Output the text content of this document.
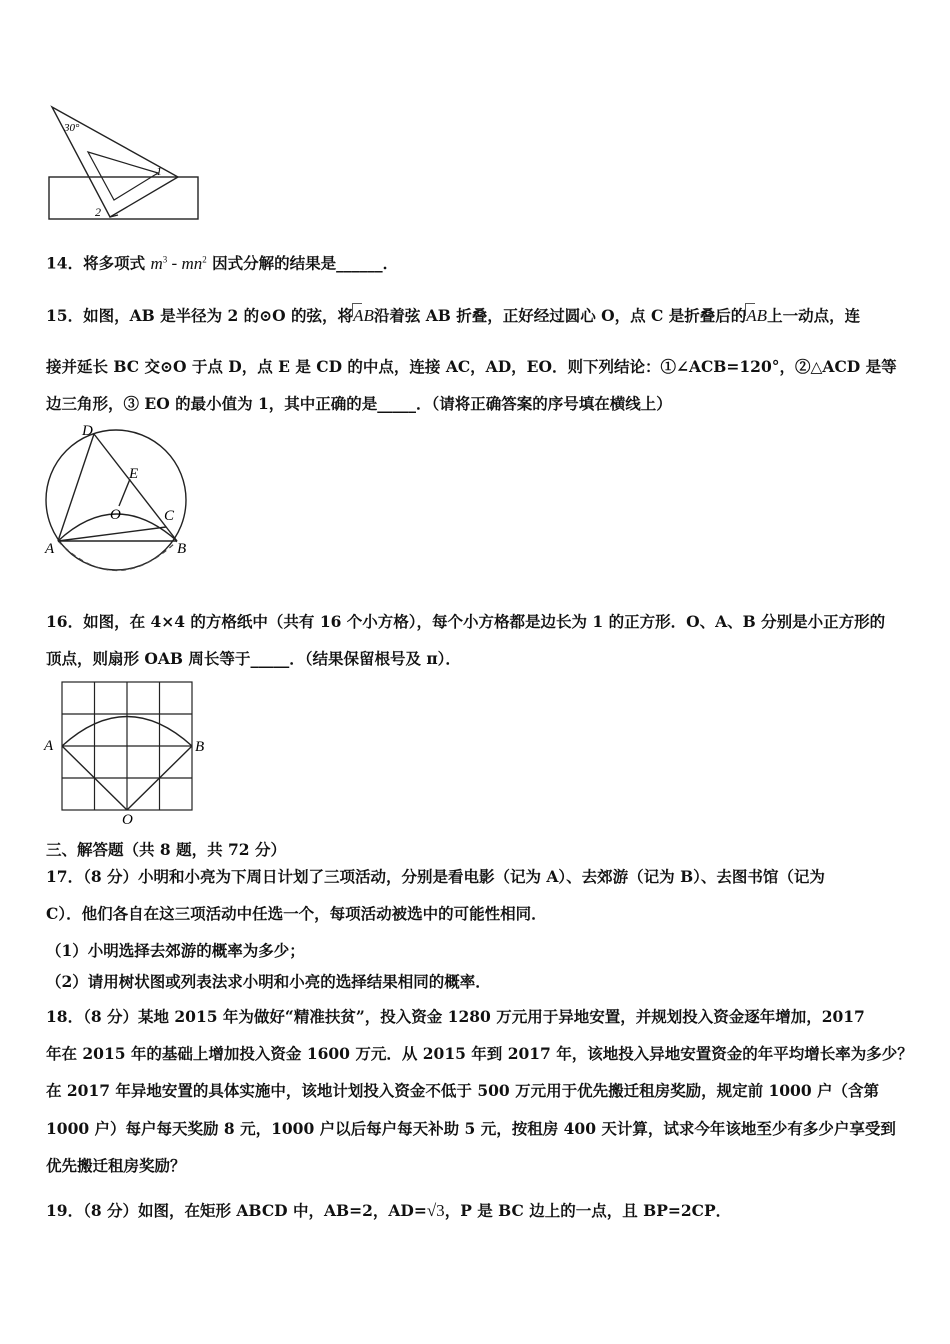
30°
1
2
14．将多项式 $m^3 - mn^2$ 因式分解的结果是______．
15．如图，AB 是半径为 2 的⊙O 的弦，将AB沿着弦 AB 折叠，正好经过圆心 O，点 C 是折叠后的AB上一动点，连
接并延长 BC 交⊙O 于点 D，点 E 是 CD 的中点，连接 AC，AD，EO．则下列结论：①∠ACB=120°，②△ACD 是等
边三角形，③ EO 的最小值为 1，其中正确的是_____．（请将正确答案的序号填在横线上）
D
E
O	C
A	B
16．如图，在 4×4 的方格纸中（共有 16 个小方格），每个小方格都是边长为 1 的正方形．O、A、B 分别是小正方形的
顶点，则扇形 OAB 周长等于_____．（结果保留根号及 π）．
A	B
O
三、解答题（共 8 题，共 72 分）
17．（8 分）小明和小亮为下周日计划了三项活动，分别是看电影（记为 A）、去郊游（记为 B）、去图书馆（记为
C）．他们各自在这三项活动中任选一个，每项活动被选中的可能性相同．
（1）小明选择去郊游的概率为多少；
（2）请用树状图或列表法求小明和小亮的选择结果相同的概率．
18．（8 分）某地 2015 年为做好“精准扶贫”，投入资金 1280 万元用于异地安置，并规划投入资金逐年增加，2017
年在 2015 年的基础上增加投入资金 1600 万元．从 2015 年到 2017 年，该地投入异地安置资金的年平均增长率为多少？
在 2017 年异地安置的具体实施中，该地计划投入资金不低于 500 万元用于优先搬迁租房奖励，规定前 1000 户（含第
1000 户）每户每天奖励 8 元，1000 户以后每户每天补助 5 元，按租房 400 天计算，试求今年该地至少有多少户享受到
优先搬迁租房奖励？
19．（8 分）如图，在矩形 ABCD 中，AB=2，AD=√3，P 是 BC 边上的一点，且 BP=2CP．
